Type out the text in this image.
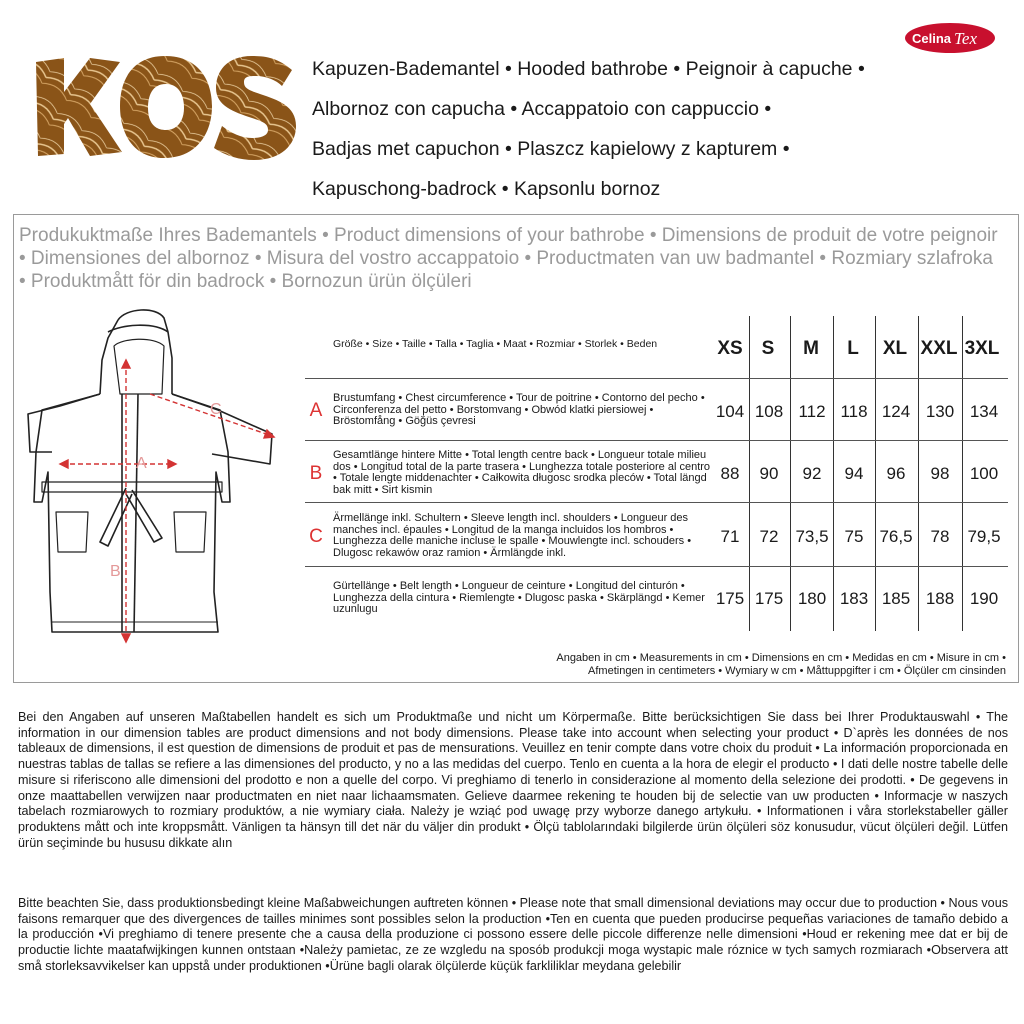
Celina Tex
Kapuzen-Bademantel • Hooded bathrobe • Peignoir à capuche •
Albornoz con capucha • Accappatoio con cappuccio •
Badjas met capuchon • Plaszcz kapielowy z kapturem •
Kapuschong-badrock • Kapsonlu bornoz
Produkuktmaße Ihres Bademantels • Product dimensions of your bathrobe • Dimensions de produit de votre peignoir • Dimensiones del albornoz • Misura del vostro accappatoio • Productmaten van uw badmantel • Rozmiary szlafroka • Produktmått för din badrock • Bornozun ürün ölçüleri
A
B
C
Größe • Size • Taille • Talla • Taglia • Maat • Rozmiar • Storlek • Beden	XS S	M	L	XL XXL 3XL
A
Brustumfang • Chest circumference • Tour de poitrine • Contorno del pecho • Circonferenza del petto • Borstomvang • Obwód klatki piersiowej • Bröstomfång • Göğüs çevresi	104 108 112 118 124 130 134
B
Gesamtlänge hintere Mitte • Total length centre back • Longueur totale milieu dos • Longitud total de la parte trasera • Lunghezza totale posteriore al centro • Totale lengte middenachter • Całkowita długosc srodka pleców • Total längd bak mitt • Sirt kismin
88	90	92	94	96	98	100
C
Ärmellänge inkl. Schultern • Sleeve length incl. shoulders • Longueur des manches incl. épaules • Longitud de la manga incluidos los hombros • Lunghezza delle maniche incluse le spalle • Mouwlengte incl. schouders • Dlugosc rekawów oraz ramion • Ärmlängde inkl.
71	72	73,5 75 76,5	78	79,5
Gürtellänge • Belt length • Longueur de ceinture • Longitud del cinturón • Lunghezza della cintura • Riemlengte • Dlugosc paska • Skärplängd • Kemer uzunlugu
175 175 180 183 185 188 190
Angaben in cm • Measurements in cm • Dimensions en cm • Medidas en cm • Misure in cm •
Afmetingen in centimeters • Wymiary w cm • Måttuppgifter i cm • Ölçüler cm cinsinden
Bei den Angaben auf unseren Maßtabellen handelt es sich um Produktmaße und nicht um Körpermaße. Bitte berücksichtigen Sie dass bei Ihrer Produktauswahl • The information in our dimension tables are product dimensions and not body dimensions. Please take into account when selecting your product • D`après les données de nos tableaux de dimensions, il est question de dimensions de produit et pas de mensurations. Veuillez en tenir compte dans votre choix du produit • La información proporcionada en nuestras tablas de tallas se refiere a las dimensiones del producto, y no a las medidas del cuerpo. Tenlo en cuenta a la hora de elegir el producto • I dati delle nostre tabelle delle misure si riferiscono alle dimensioni del prodotto e non a quelle del corpo. Vi preghiamo di tenerlo in considerazione al momento della selezione dei prodotti. • De gegevens in onze maattabellen verwijzen naar productmaten en niet naar lichaamsmaten. Gelieve daarmee rekening te houden bij de selectie van uw producten • Informacje w naszych tabelach rozmiarowych to rozmiary produktów, a nie wymiary ciała. Należy je wziąć pod uwagę przy wyborze danego artykułu. • Informationen i våra storlekstabeller gäller produktens mått och inte kroppsmått. Vänligen ta hänsyn till det när du väljer din produkt • Ölçü tablolarındaki bilgilerde ürün ölçüleri söz konusudur, vücut ölçüleri değil. Lütfen ürün seçiminde bu hususu dikkate alın
Bitte beachten Sie, dass produktionsbedingt kleine Maßabweichungen auftreten können • Please note that small dimensional deviations may occur due to production • Nous vous faisons remarquer que des divergences de tailles minimes sont possibles selon la production •Ten en cuenta que pueden producirse pequeñas variaciones de tamaño debido a la producción •Vi preghiamo di tenere presente che a causa della produzione ci possono essere delle piccole differenze nelle dimensioni •Houd er rekening mee dat er bij de productie lichte maatafwijkingen kunnen ontstaan •Należy pamietac, ze ze wzgledu na sposób produkcji moga wystapic male róznice w tych samych rozmiarach •Observera att små storleksavvikelser kan uppstå under produktionen •Ürüne bagli olarak ölçülerde küçük farkliliklar meydana gelebilir
